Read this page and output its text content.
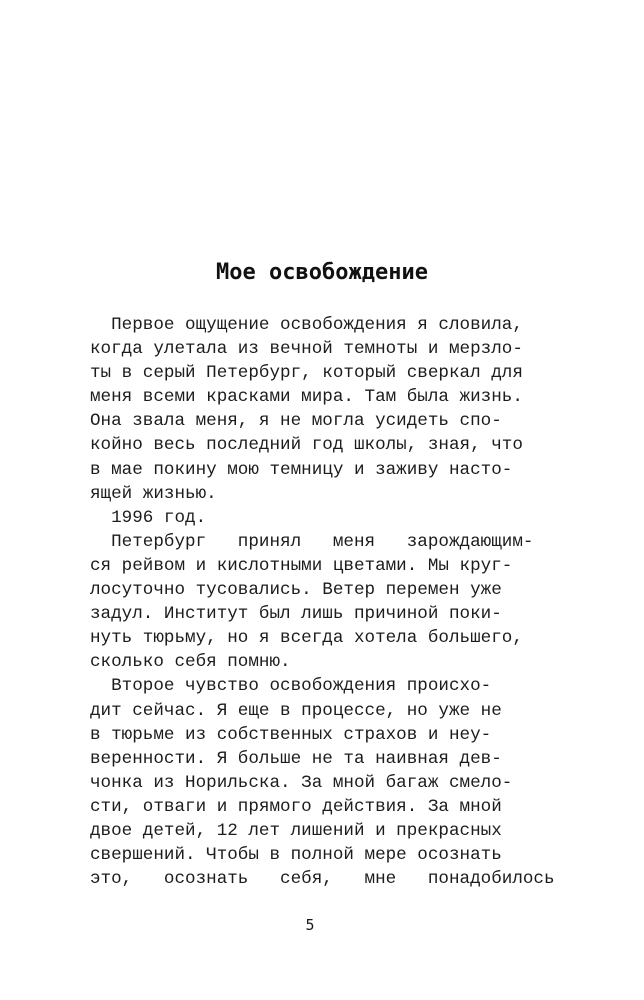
Мое освобождение
Первое ощущение освобождения я словила,
когда улетала из вечной темноты и мерзло-
ты в серый Петербург, который сверкал для
меня всеми красками мира. Там была жизнь.
Она звала меня, я не могла усидеть спо-
койно весь последний год школы, зная, что
в мае покину мою темницу и заживу насто-
ящей жизнью.
1996 год.
Петербург   принял   меня   зарождающим-
ся рейвом и кислотными цветами. Мы круг-
лосуточно тусовались. Ветер перемен уже
задул. Институт был лишь причиной поки-
нуть тюрьму, но я всегда хотела большего,
сколько себя помню.
Второе чувство освобождения происхо-
дит сейчас. Я еще в процессе, но уже не
в тюрьме из собственных страхов и неу-
веренности. Я больше не та наивная дев-
чонка из Норильска. За мной багаж смело-
сти, отваги и прямого действия. За мной
двое детей, 12 лет лишений и прекрасных
свершений. Чтобы в полной мере осознать
это,   осознать   себя,   мне   понадобилось
5
